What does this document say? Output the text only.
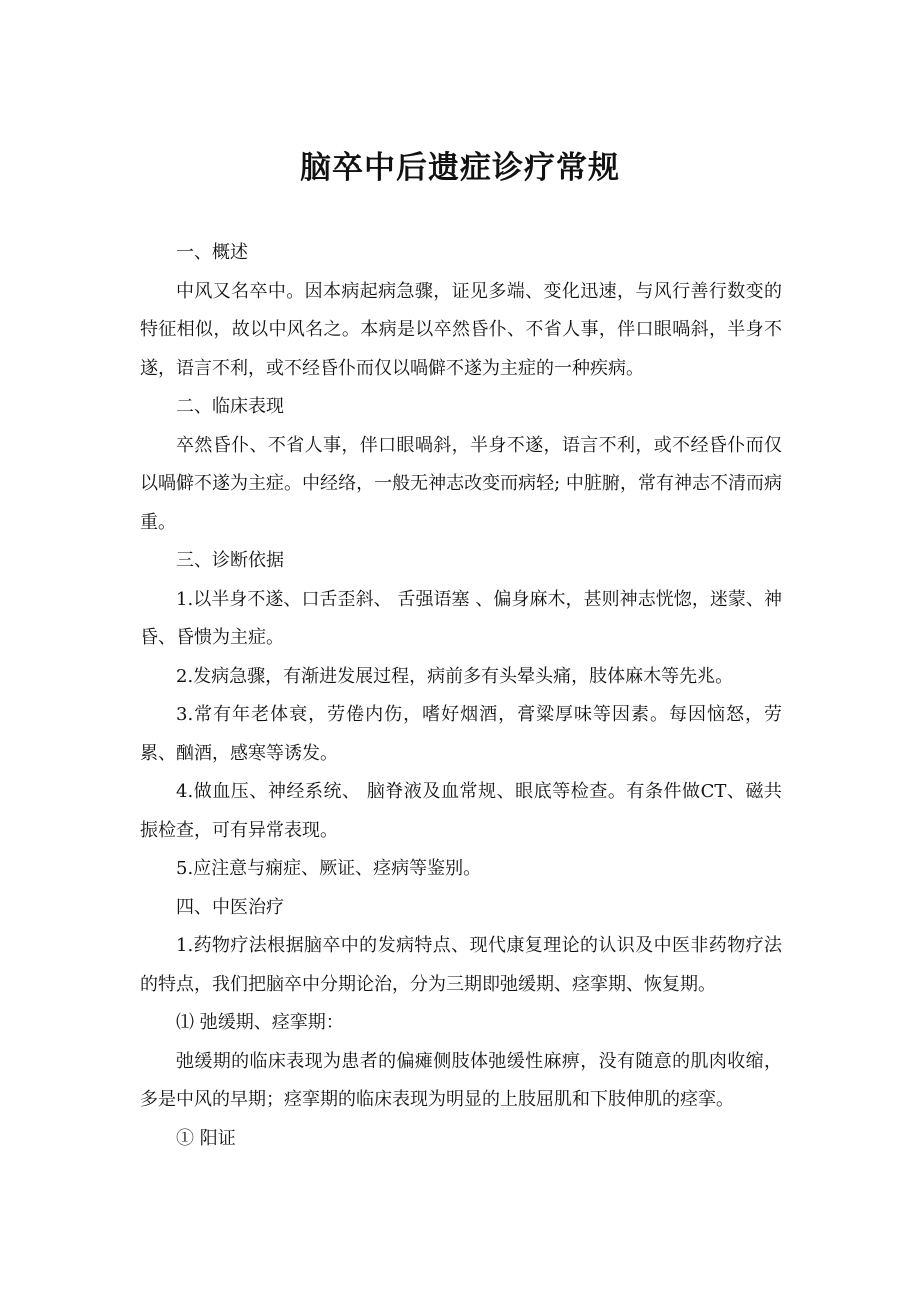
脑卒中后遗症诊疗常规

一、概述

中风又名卒中。因本病起病急骤，证见多端、变化迅速，与风行善行数变的特征相似，故以中风名之。本病是以卒然昏仆、不省人事，伴口眼喎斜，半身不遂，语言不利，或不经昏仆而仅以喎僻不遂为主症的一种疾病。

二、临床表现

卒然昏仆、不省人事，伴口眼喎斜，半身不遂，语言不利，或不经昏仆而仅以喎僻不遂为主症。中经络，一般无神志改变而病轻; 中脏腑，常有神志不清而病重。

三、诊断依据

1.以半身不遂、口舌歪斜、 舌强语塞 、偏身麻木，甚则神志恍惚，迷蒙、神昏、昏愦为主症。

2.发病急骤，有渐进发展过程，病前多有头晕头痛，肢体麻木等先兆。

3.常有年老体衰，劳倦内伤，嗜好烟酒，膏粱厚味等因素。每因恼怒，劳累、酗酒，感寒等诱发。

4.做血压、神经系统、 脑脊液及血常规、眼底等检查。有条件做CT、磁共振检查，可有异常表现。

5.应注意与痫症、厥证、痉病等鉴别。

四、中医治疗

1.药物疗法根据脑卒中的发病特点、现代康复理论的认识及中医非药物疗法的特点，我们把脑卒中分期论治，分为三期即弛缓期、痉挛期、恢复期。

⑴ 弛缓期、痉挛期：

弛缓期的临床表现为患者的偏瘫侧肢体弛缓性麻痹，没有随意的肌肉收缩，多是中风的早期；痉挛期的临床表现为明显的上肢屈肌和下肢伸肌的痉挛。

① 阳证
